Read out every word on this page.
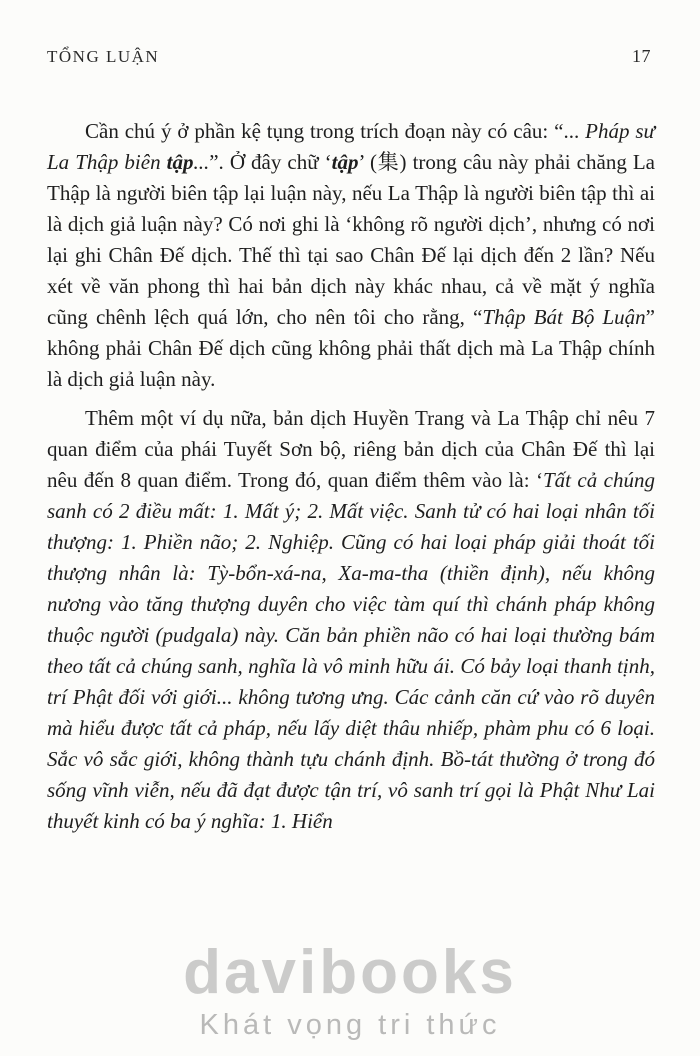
TỔNG LUẬN	17

Cần chú ý ở phần kệ tụng trong trích đoạn này có câu: “... Pháp sư La Thập biên tập...”. Ở đây chữ ‘tập’ (集) trong câu này phải chăng La Thập là người biên tập lại luận này, nếu La Thập là người biên tập thì ai là dịch giả luận này? Có nơi ghi là ‘không rõ người dịch’, nhưng có nơi lại ghi Chân Đế dịch. Thế thì tại sao Chân Đế lại dịch đến 2 lần? Nếu xét về văn phong thì hai bản dịch này khác nhau, cả về mặt ý nghĩa cũng chênh lệch quá lớn, cho nên tôi cho rằng, “Thập Bát Bộ Luận” không phải Chân Đế dịch cũng không phải thất dịch mà La Thập chính là dịch giả luận này.

Thêm một ví dụ nữa, bản dịch Huyền Trang và La Thập chỉ nêu 7 quan điểm của phái Tuyết Sơn bộ, riêng bản dịch của Chân Đế thì lại nêu đến 8 quan điểm. Trong đó, quan điểm thêm vào là: ‘Tất cả chúng sanh có 2 điều mất: 1. Mất ý; 2. Mất việc. Sanh tử có hai loại nhân tối thượng: 1. Phiền não; 2. Nghiệp. Cũng có hai loại pháp giải thoát tối thượng nhân là: Tỳ-bổn-xá-na, Xa-ma-tha (thiền định), nếu không nương vào tăng thượng duyên cho việc tàm quí thì chánh pháp không thuộc người (pudgala) này. Căn bản phiền não có hai loại thường bám theo tất cả chúng sanh, nghĩa là vô minh hữu ái. Có bảy loại thanh tịnh, trí Phật đối với giới... không tương ưng. Các cảnh căn cứ vào rõ duyên mà hiểu được tất cả pháp, nếu lấy diệt thâu nhiếp, phàm phu có 6 loại. Sắc vô sắc giới, không thành tựu chánh định. Bồ-tát thường ở trong đó sống vĩnh viễn, nếu đã đạt được tận trí, vô sanh trí gọi là Phật Như Lai thuyết kinh có ba ý nghĩa: 1. Hiển

davibooks
Khát vọng tri thức
